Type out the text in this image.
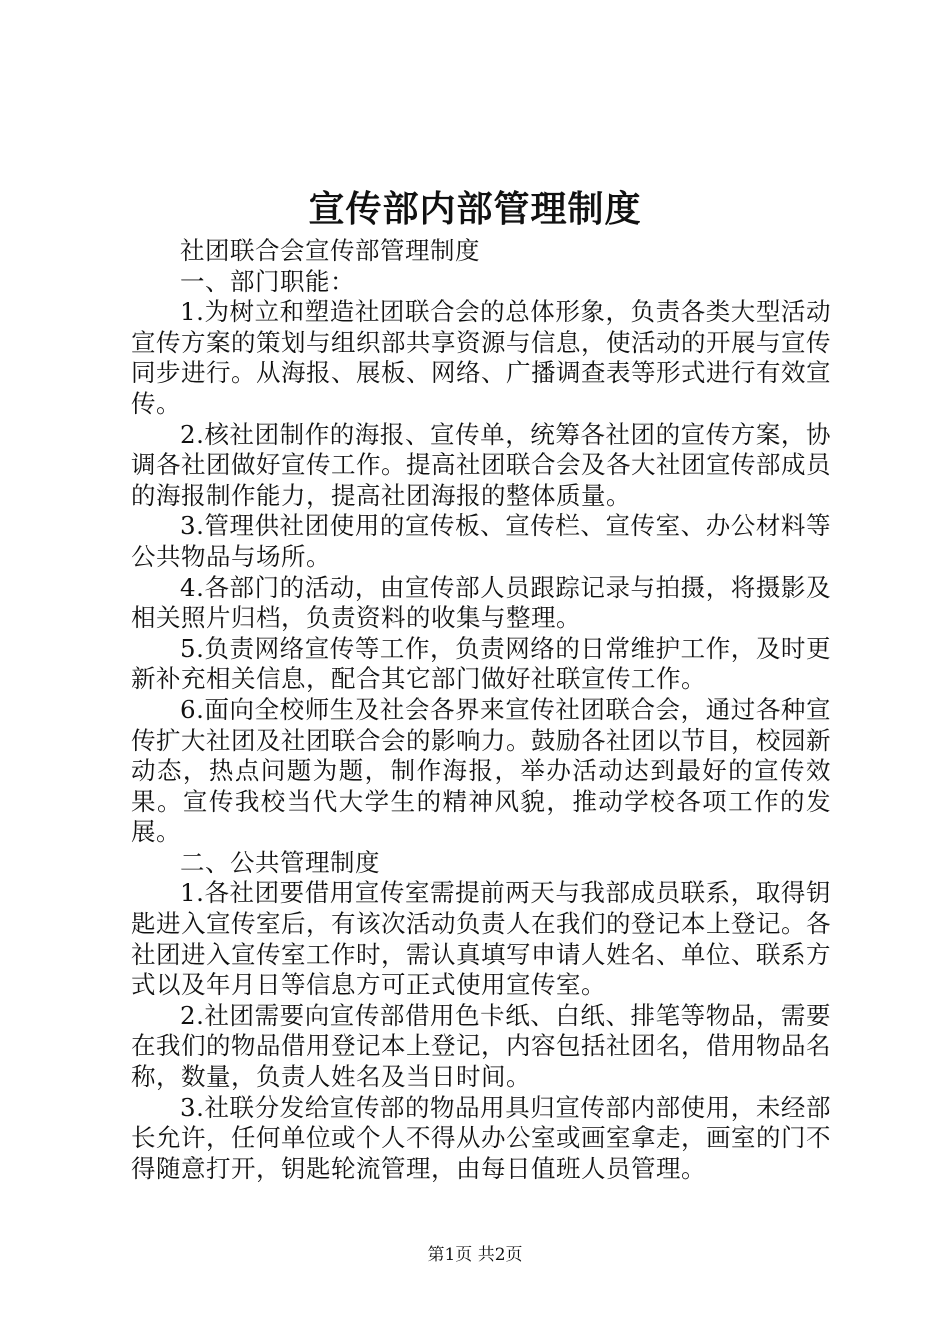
宣传部内部管理制度

社团联合会宣传部管理制度

一、部门职能：

1.为树立和塑造社团联合会的总体形象，负责各类大型活动宣传方案的策划与组织部共享资源与信息，使活动的开展与宣传同步进行。从海报、展板、网络、广播调查表等形式进行有效宣传。

2.核社团制作的海报、宣传单，统筹各社团的宣传方案，协调各社团做好宣传工作。提高社团联合会及各大社团宣传部成员的海报制作能力，提高社团海报的整体质量。

3.管理供社团使用的宣传板、宣传栏、宣传室、办公材料等公共物品与场所。

4.各部门的活动，由宣传部人员跟踪记录与拍摄，将摄影及相关照片归档，负责资料的收集与整理。

5.负责网络宣传等工作，负责网络的日常维护工作，及时更新补充相关信息，配合其它部门做好社联宣传工作。

6.面向全校师生及社会各界来宣传社团联合会，通过各种宣传扩大社团及社团联合会的影响力。鼓励各社团以节目，校园新动态，热点问题为题，制作海报，举办活动达到最好的宣传效果。宣传我校当代大学生的精神风貌，推动学校各项工作的发展。

二、公共管理制度

1.各社团要借用宣传室需提前两天与我部成员联系，取得钥匙进入宣传室后，有该次活动负责人在我们的登记本上登记。各社团进入宣传室工作时，需认真填写申请人姓名、单位、联系方式以及年月日等信息方可正式使用宣传室。

2.社团需要向宣传部借用色卡纸、白纸、排笔等物品，需要在我们的物品借用登记本上登记，内容包括社团名，借用物品名称，数量，负责人姓名及当日时间。

3.社联分发给宣传部的物品用具归宣传部内部使用，未经部长允许，任何单位或个人不得从办公室或画室拿走，画室的门不得随意打开，钥匙轮流管理，由每日值班人员管理。

第1页 共2页
